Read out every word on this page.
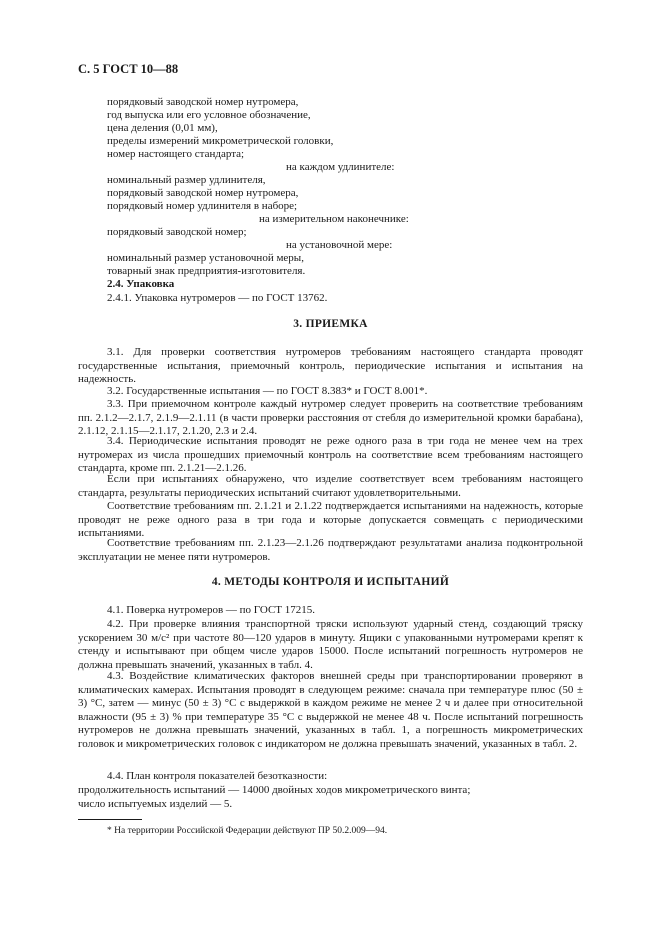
С. 5 ГОСТ 10—88
порядковый заводской номер нутромера,
год выпуска или его условное обозначение,
цена деления (0,01 мм),
пределы измерений микрометрической головки,
номер настоящего стандарта;
на каждом удлинителе:
номинальный размер удлинителя,
порядковый заводской номер нутромера,
порядковый номер удлинителя в наборе;
на измерительном наконечнике:
порядковый заводской номер;
на установочной мере:
номинальный размер установочной меры,
товарный знак предприятия-изготовителя.
2.4. Упаковка
2.4.1. Упаковка нутромеров — по ГОСТ 13762.
3. ПРИЕМКА
3.1. Для проверки соответствия нутромеров требованиям настоящего стандарта проводят государственные испытания, приемочный контроль, периодические испытания и испытания на надежность.
3.2. Государственные испытания — по ГОСТ 8.383* и ГОСТ 8.001*.
3.3. При приемочном контроле каждый нутромер следует проверить на соответствие требованиям пп. 2.1.2—2.1.7, 2.1.9—2.1.11 (в части проверки расстояния от стебля до измерительной кромки барабана), 2.1.12, 2.1.15—2.1.17, 2.1.20, 2.3 и 2.4.
3.4. Периодические испытания проводят не реже одного раза в три года не менее чем на трех нутромерах из числа прошедших приемочный контроль на соответствие всем требованиям настоящего стандарта, кроме пп. 2.1.21—2.1.26.
Если при испытаниях обнаружено, что изделие соответствует всем требованиям настоящего стандарта, результаты периодических испытаний считают удовлетворительными.
Соответствие требованиям пп. 2.1.21 и 2.1.22 подтверждается испытаниями на надежность, которые проводят не реже одного раза в три года и которые допускается совмещать с периодическими испытаниями.
Соответствие требованиям пп. 2.1.23—2.1.26 подтверждают результатами анализа подконтрольной эксплуатации не менее пяти нутромеров.
4. МЕТОДЫ КОНТРОЛЯ И ИСПЫТАНИЙ
4.1. Поверка нутромеров — по ГОСТ 17215.
4.2. При проверке влияния транспортной тряски используют ударный стенд, создающий тряску ускорением 30 м/с² при частоте 80—120 ударов в минуту. Ящики с упакованными нутромерами крепят к стенду и испытывают при общем числе ударов 15000. После испытаний погрешность нутромеров не должна превышать значений, указанных в табл. 4.
4.3. Воздействие климатических факторов внешней среды при транспортировании проверяют в климатических камерах. Испытания проводят в следующем режиме: сначала при температуре плюс (50 ± 3) °С, затем — минус (50 ± 3) °С с выдержкой в каждом режиме не менее 2 ч и далее при относительной влажности (95 ± 3) % при температуре 35 °С с выдержкой не менее 48 ч. После испытаний погрешность нутромеров не должна превышать значений, указанных в табл. 1, а погрешность микрометрических головок и микрометрических головок с индикатором не должна превышать значений, указанных в табл. 2.
4.4. План контроля показателей безотказности:
продолжительность испытаний — 14000 двойных ходов микрометрического винта;
число испытуемых изделий — 5.
* На территории Российской Федерации действуют ПР 50.2.009—94.
